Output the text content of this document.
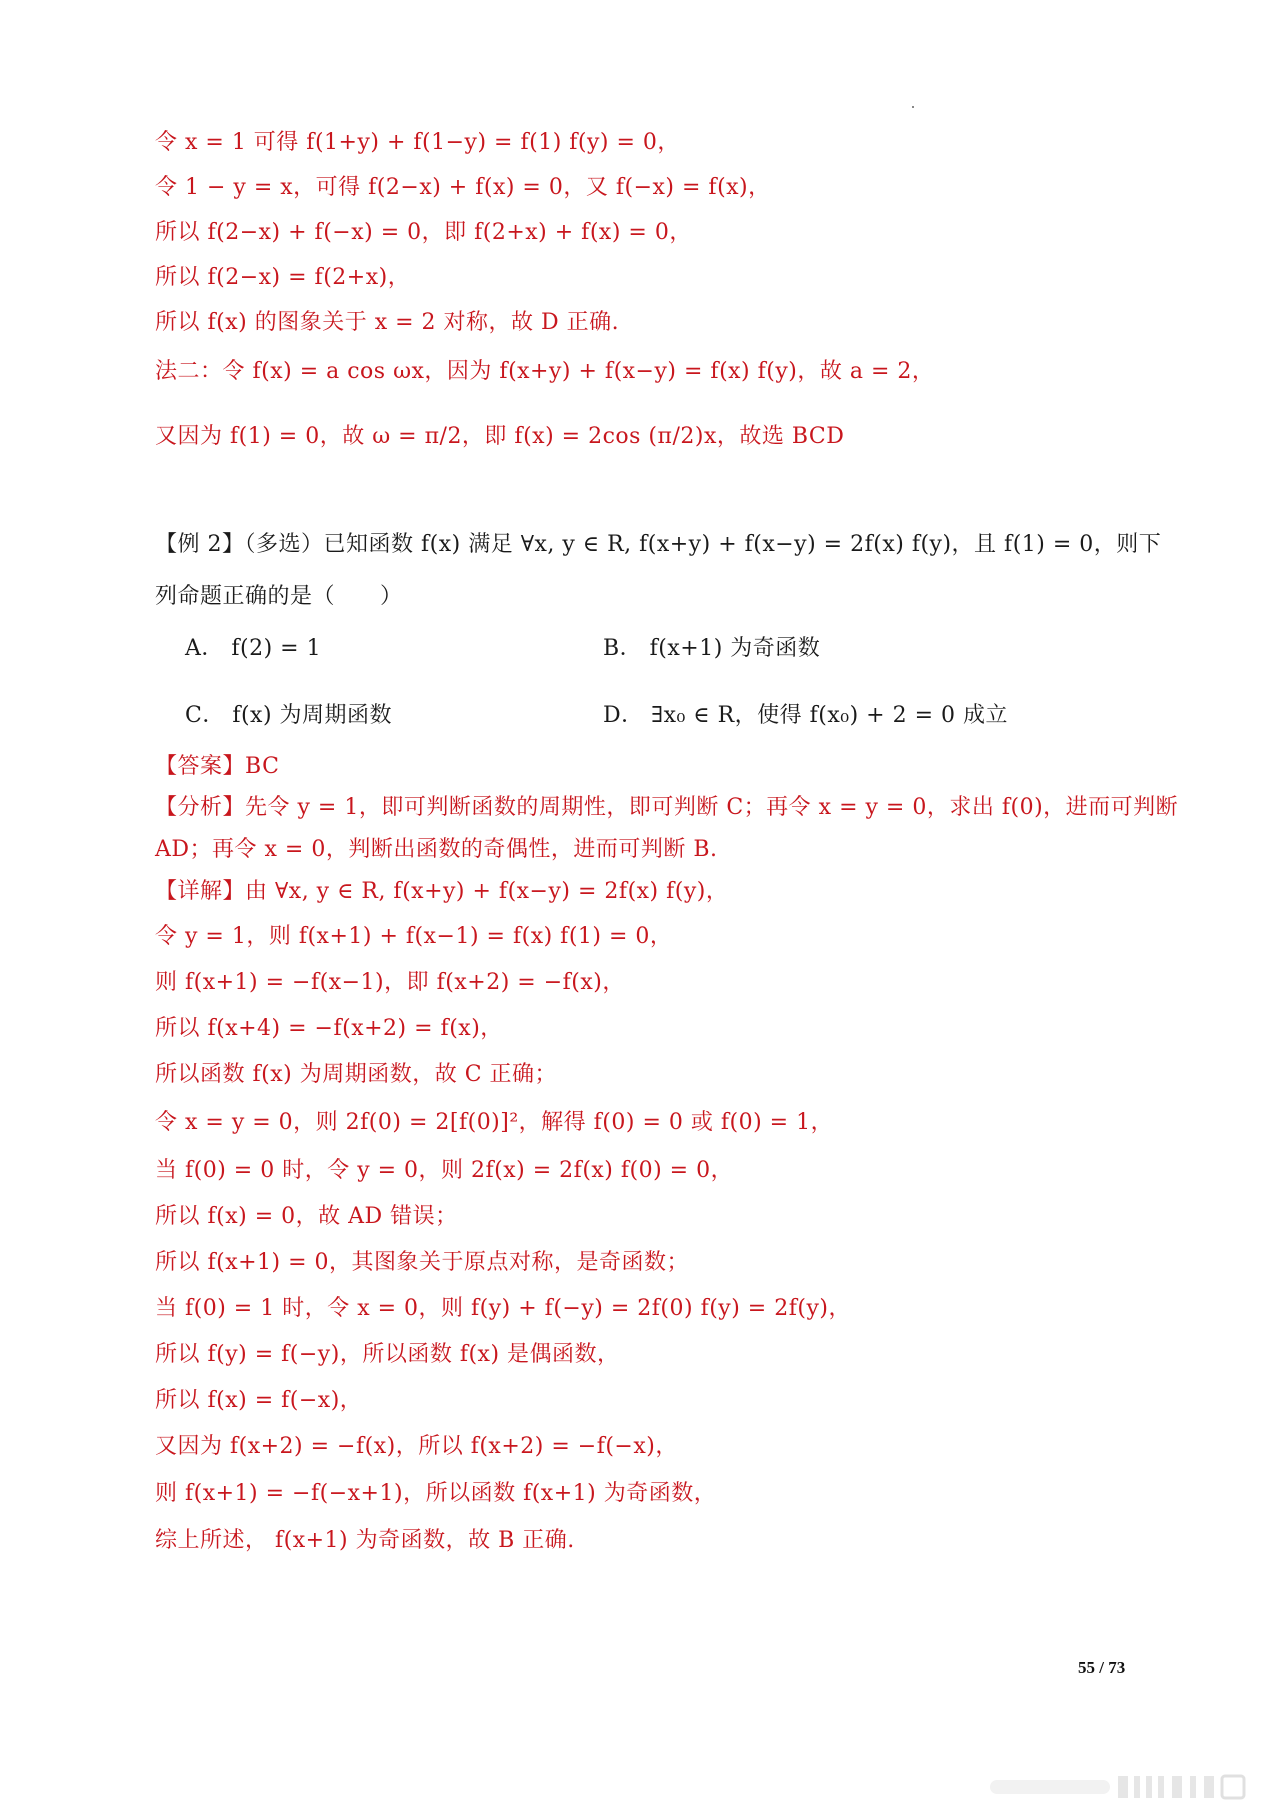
令 x = 1 可得 f(1+y) + f(1−y) = f(1) f(y) = 0，
令 1 − y = x，可得 f(2−x) + f(x) = 0，又 f(−x) = f(x)，
所以 f(2−x) + f(−x) = 0，即 f(2+x) + f(x) = 0，
所以 f(2−x) = f(2+x)，
所以 f(x) 的图象关于 x = 2 对称，故 D 正确.
法二：令 f(x) = a cos ωx，因为 f(x+y) + f(x−y) = f(x) f(y)，故 a = 2，
又因为 f(1) = 0，故 ω = π/2，即 f(x) = 2cos (π/2)x，故选 BCD
【例 2】（多选）已知函数 f(x) 满足 ∀x, y ∈ R, f(x+y) + f(x−y) = 2f(x) f(y)，且 f(1) = 0，则下
列命题正确的是（　　）
A． f(2) = 1	B． f(x+1) 为奇函数
C． f(x) 为周期函数	D． ∃x₀ ∈ R，使得 f(x₀) + 2 = 0 成立
【答案】BC
【分析】先令 y = 1，即可判断函数的周期性，即可判断 C；再令 x = y = 0，求出 f(0)，进而可判断
AD；再令 x = 0，判断出函数的奇偶性，进而可判断 B.
【详解】由 ∀x, y ∈ R, f(x+y) + f(x−y) = 2f(x) f(y)，
令 y = 1，则 f(x+1) + f(x−1) = f(x) f(1) = 0，
则 f(x+1) = −f(x−1)，即 f(x+2) = −f(x)，
所以 f(x+4) = −f(x+2) = f(x)，
所以函数 f(x) 为周期函数，故 C 正确；
令 x = y = 0，则 2f(0) = 2[f(0)]²，解得 f(0) = 0 或 f(0) = 1，
当 f(0) = 0 时，令 y = 0，则 2f(x) = 2f(x) f(0) = 0，
所以 f(x) = 0，故 AD 错误；
所以 f(x+1) = 0，其图象关于原点对称，是奇函数；
当 f(0) = 1 时，令 x = 0，则 f(y) + f(−y) = 2f(0) f(y) = 2f(y)，
所以 f(y) = f(−y)，所以函数 f(x) 是偶函数，
所以 f(x) = f(−x)，
又因为 f(x+2) = −f(x)，所以 f(x+2) = −f(−x)，
则 f(x+1) = −f(−x+1)，所以函数 f(x+1) 为奇函数，
综上所述， f(x+1) 为奇函数，故 B 正确.
55 / 73
